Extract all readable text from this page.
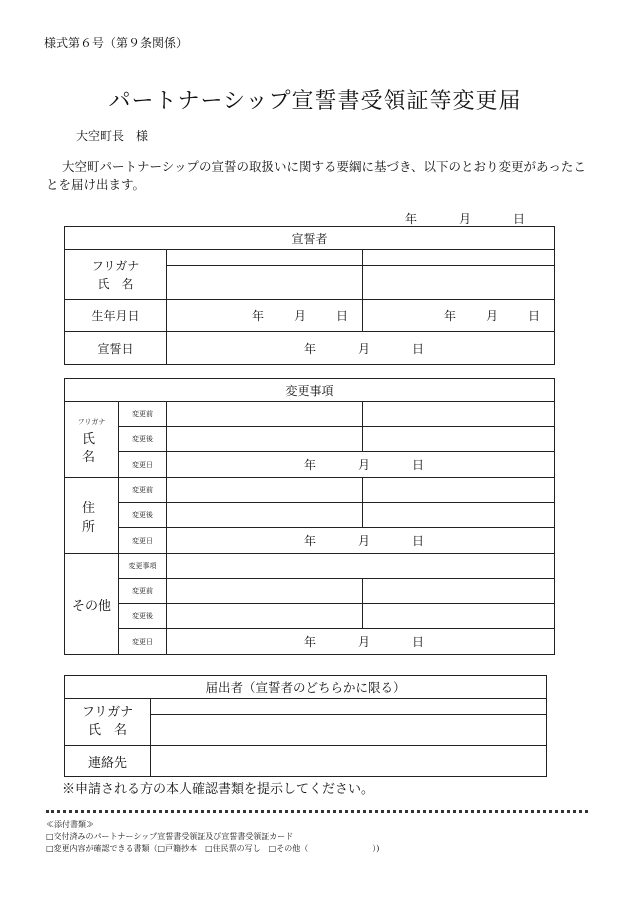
様式第６号（第９条関係）
パートナーシップ宣誓書受領証等変更届
大空町長　様
大空町パートナーシップの宣誓の取扱いに関する要綱に基づき、以下のとおり変更があったことを届け出ます。
年	月	日
宣誓者		

フリガナ
氏　名		

生年月日	年 月 日	年 月 日

宣誓日	年 月 日	
変更事項			

フリガナ
氏　名	変更前		
	変更後		
	変更日	年 月 日	

住　所	変更前		
	変更後		
	変更日	年 月 日	

その他	変更事項		
	変更前		
	変更後		
	変更日	年 月 日	
届出者（宣誓者のどちらかに限る）	

フリガナ
氏　名	

連絡先	
※申請される方の本人確認書類を提示してください。
≪添付書類≫
□交付済みのパートナーシップ宣誓書受領証及び宣誓書受領証カード
□変更内容が確認できる書類（□戸籍抄本　□住民票の写し　□その他（　　　　　　　　）)
